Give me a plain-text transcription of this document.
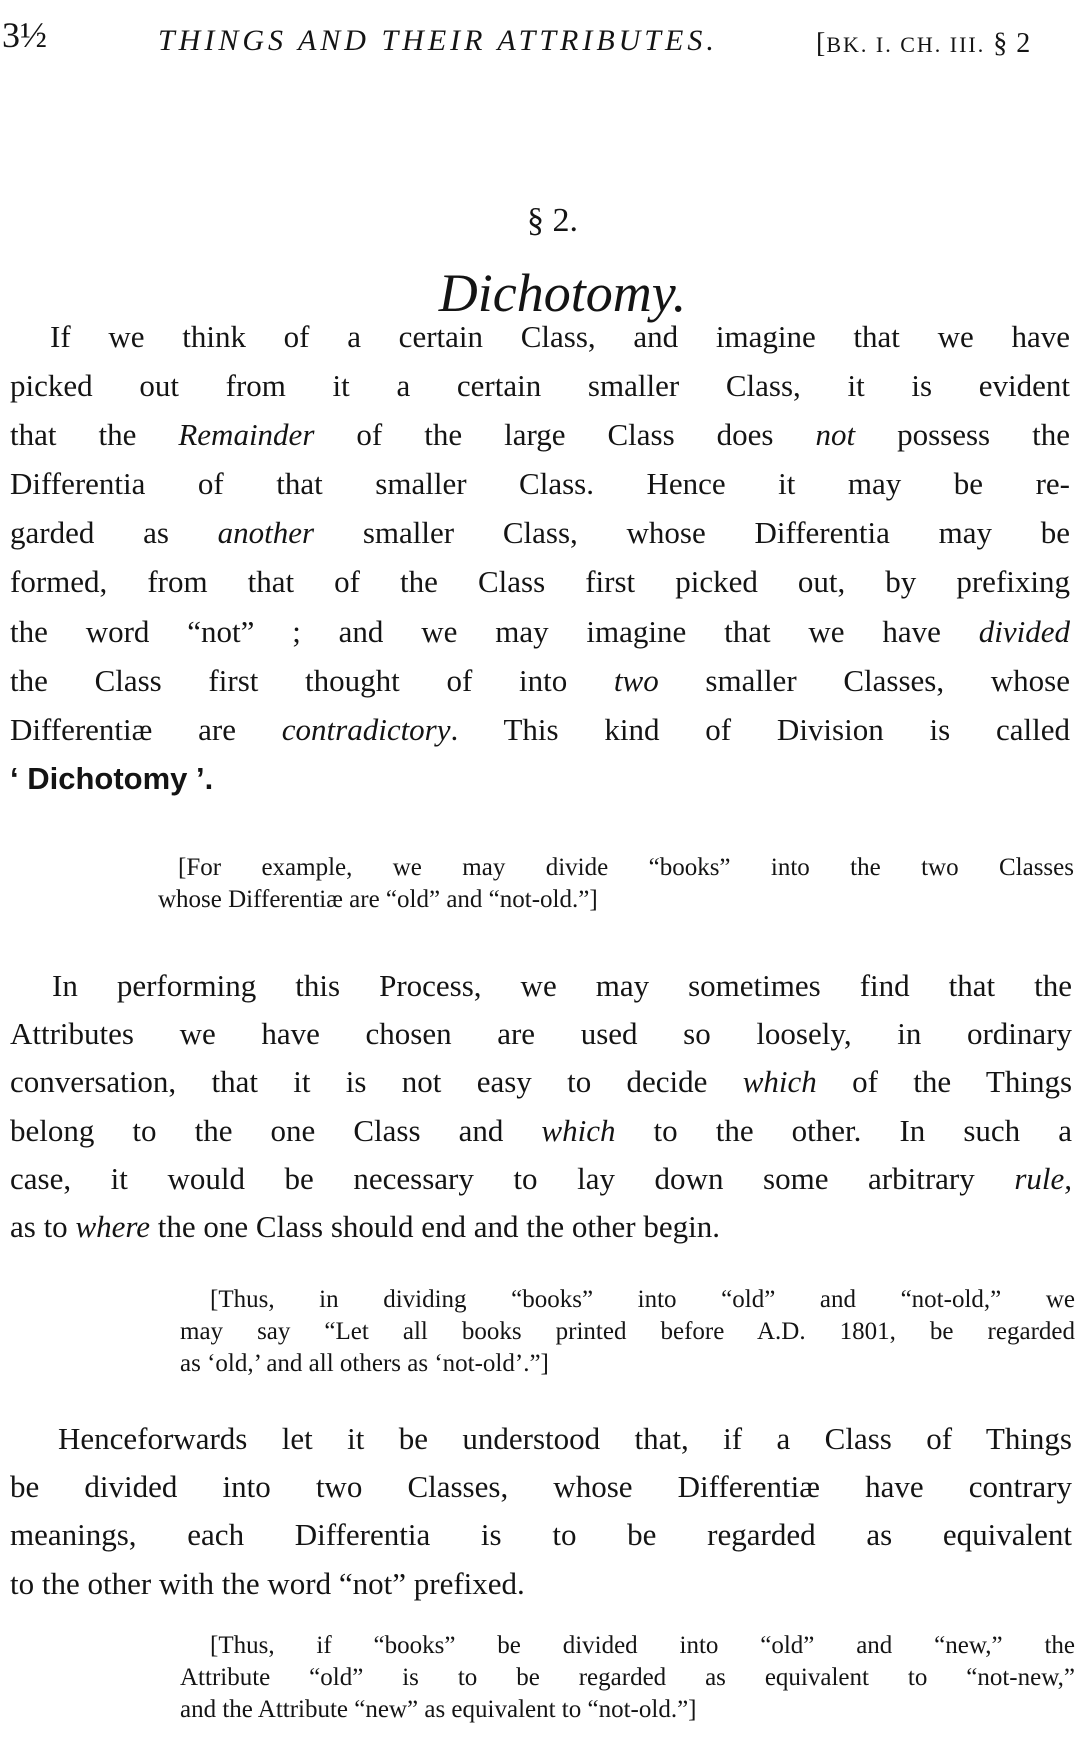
3½	THINGS AND THEIR ATTRIBUTES.	[BK. I. CH. III. § 2
§ 2.
Dichotomy.
If we think of a certain Class, and imagine that we have
picked out from it a certain smaller Class, it is evident
that the Remainder of the large Class does not possess the
Differentia of that smaller Class. Hence it may be re-
garded as another smaller Class, whose Differentia may be
formed, from that of the Class first picked out, by prefixing
the word “not” ; and we may imagine that we have divided
the Class first thought of into two smaller Classes, whose
Differentiæ are contradictory. This kind of Division is called
‘ Dichotomy ’.
[For example, we may divide “books” into the two Classes
whose Differentiæ are “old” and “not-old.”]
In performing this Process, we may sometimes find that the
Attributes we have chosen are used so loosely, in ordinary
conversation, that it is not easy to decide which of the Things
belong to the one Class and which to the other. In such a
case, it would be necessary to lay down some arbitrary rule,
as to where the one Class should end and the other begin.
[Thus, in dividing “books” into “old” and “not-old,” we
may say “Let all books printed before A.D. 1801, be regarded
as ‘old,’ and all others as ‘not-old’.”]
Henceforwards let it be understood that, if a Class of Things
be divided into two Classes, whose Differentiæ have contrary
meanings, each Differentia is to be regarded as equivalent
to the other with the word “not” prefixed.
[Thus, if “books” be divided into “old” and “new,” the
Attribute “old” is to be regarded as equivalent to “not-new,”
and the Attribute “new” as equivalent to “not-old.”]
